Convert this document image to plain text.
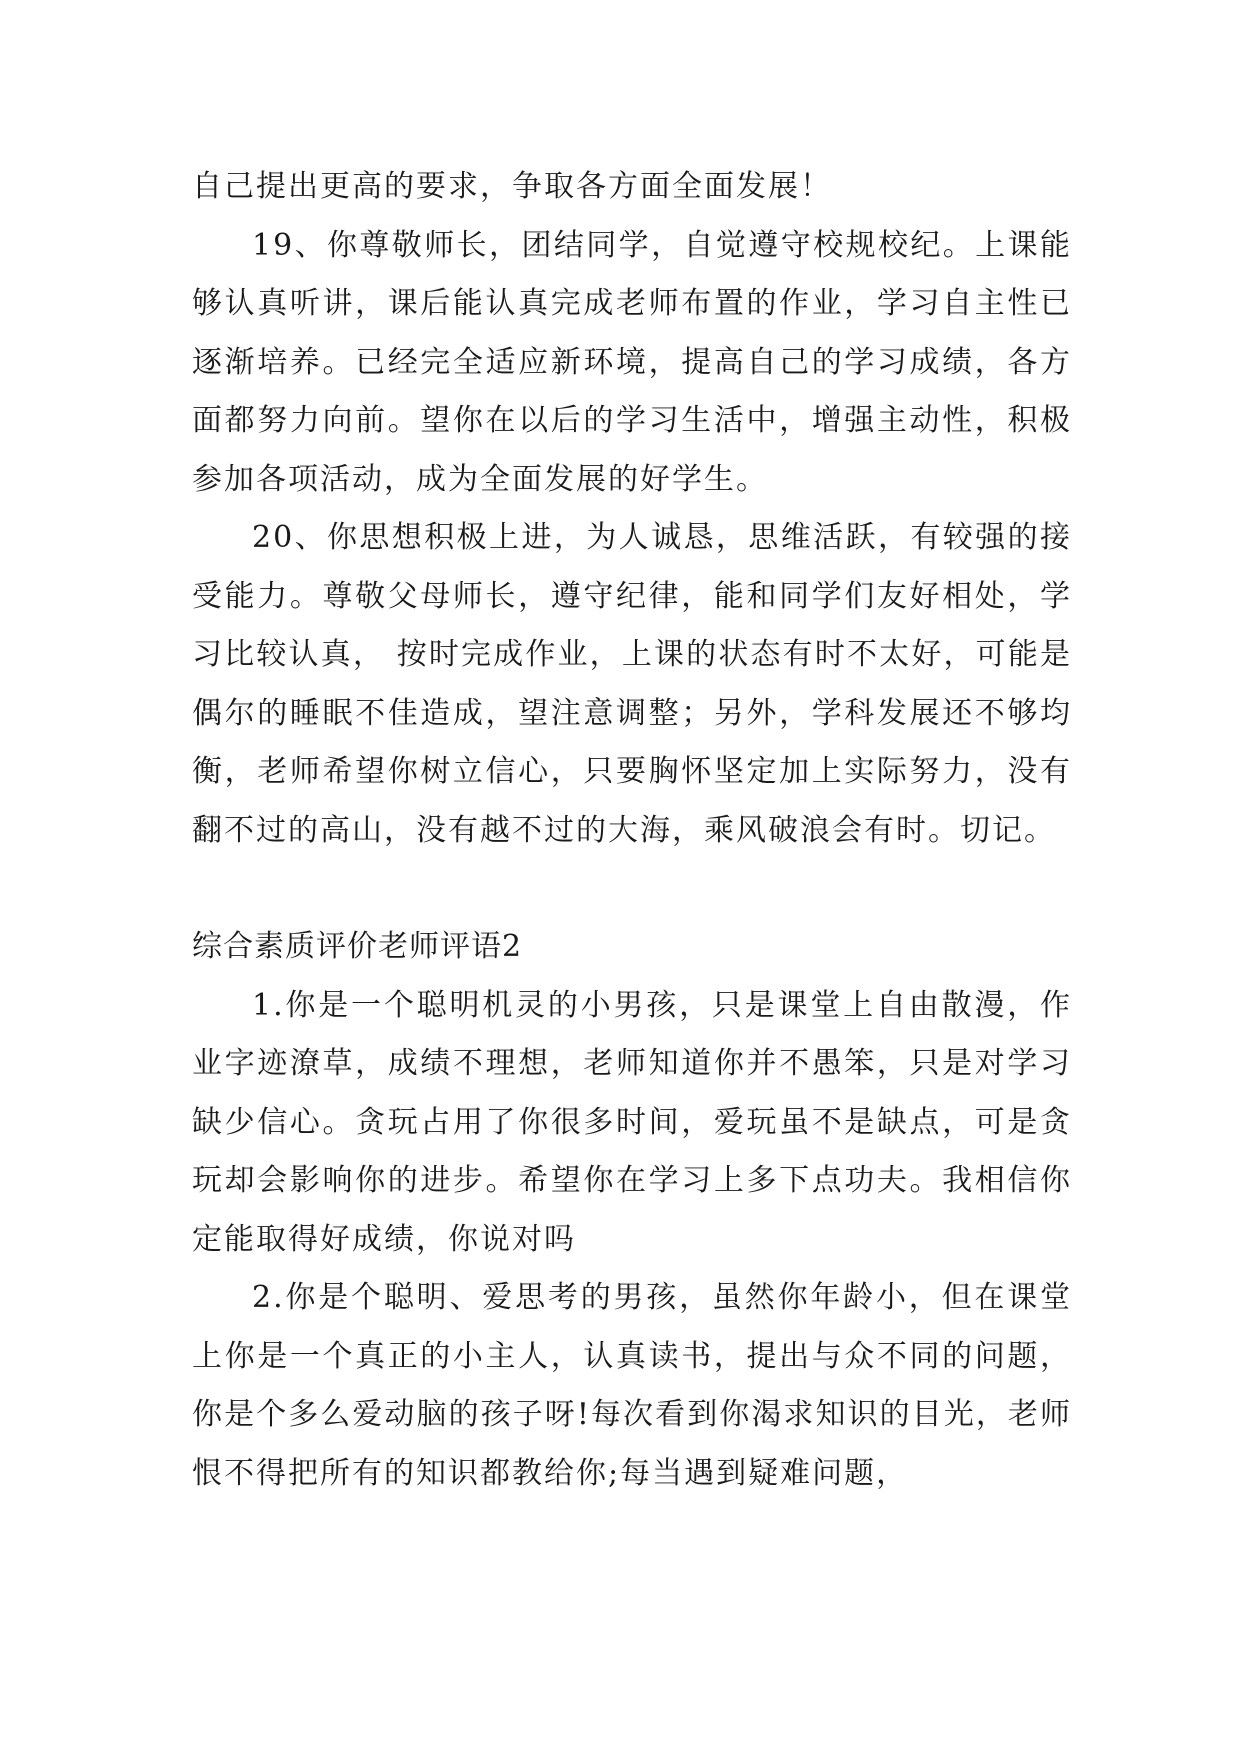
自己提出更高的要求，争取各方面全面发展！

19、你尊敬师长，团结同学，自觉遵守校规校纪。上课能够认真听讲，课后能认真完成老师布置的作业，学习自主性已逐渐培养。已经完全适应新环境，提高自己的学习成绩，各方面都努力向前。望你在以后的学习生活中，增强主动性，积极参加各项活动，成为全面发展的好学生。

20、你思想积极上进，为人诚恳，思维活跃，有较强的接受能力。尊敬父母师长，遵守纪律，能和同学们友好相处，学习比较认真， 按时完成作业，上课的状态有时不太好，可能是偶尔的睡眠不佳造成，望注意调整；另外，学科发展还不够均衡，老师希望你树立信心，只要胸怀坚定加上实际努力，没有翻不过的高山，没有越不过的大海，乘风破浪会有时。切记。

综合素质评价老师评语2

1.你是一个聪明机灵的小男孩，只是课堂上自由散漫，作业字迹潦草，成绩不理想，老师知道你并不愚笨，只是对学习缺少信心。贪玩占用了你很多时间，爱玩虽不是缺点，可是贪玩却会影响你的进步。希望你在学习上多下点功夫。我相信你定能取得好成绩，你说对吗

2.你是个聪明、爱思考的男孩，虽然你年龄小，但在课堂上你是一个真正的小主人，认真读书，提出与众不同的问题，你是个多么爱动脑的孩子呀!每次看到你渴求知识的目光，老师恨不得把所有的知识都教给你;每当遇到疑难问题，
